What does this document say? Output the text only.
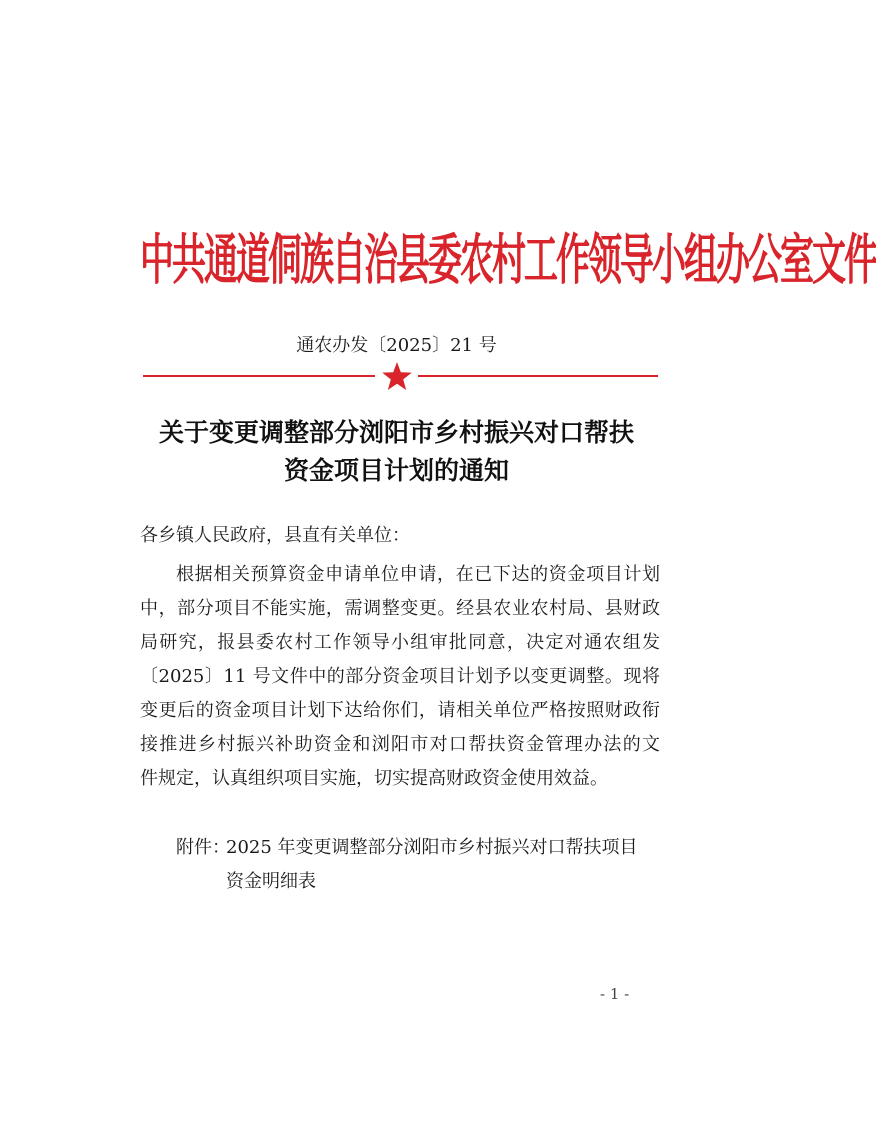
中共通道侗族自治县委农村工作领导小组办公室文件
通农办发〔2025〕21 号
关于变更调整部分浏阳市乡村振兴对口帮扶
资金项目计划的通知
各乡镇人民政府，县直有关单位：
根据相关预算资金申请单位申请，在已下达的资金项目计划
中，部分项目不能实施，需调整变更。经县农业农村局、县财政
局研究，报县委农村工作领导小组审批同意，决定对通农组发
〔2025〕11 号文件中的部分资金项目计划予以变更调整。现将
变更后的资金项目计划下达给你们，请相关单位严格按照财政衔
接推进乡村振兴补助资金和浏阳市对口帮扶资金管理办法的文
件规定，认真组织项目实施，切实提高财政资金使用效益。
附件：2025 年变更调整部分浏阳市乡村振兴对口帮扶项目
资金明细表
- 1 -
